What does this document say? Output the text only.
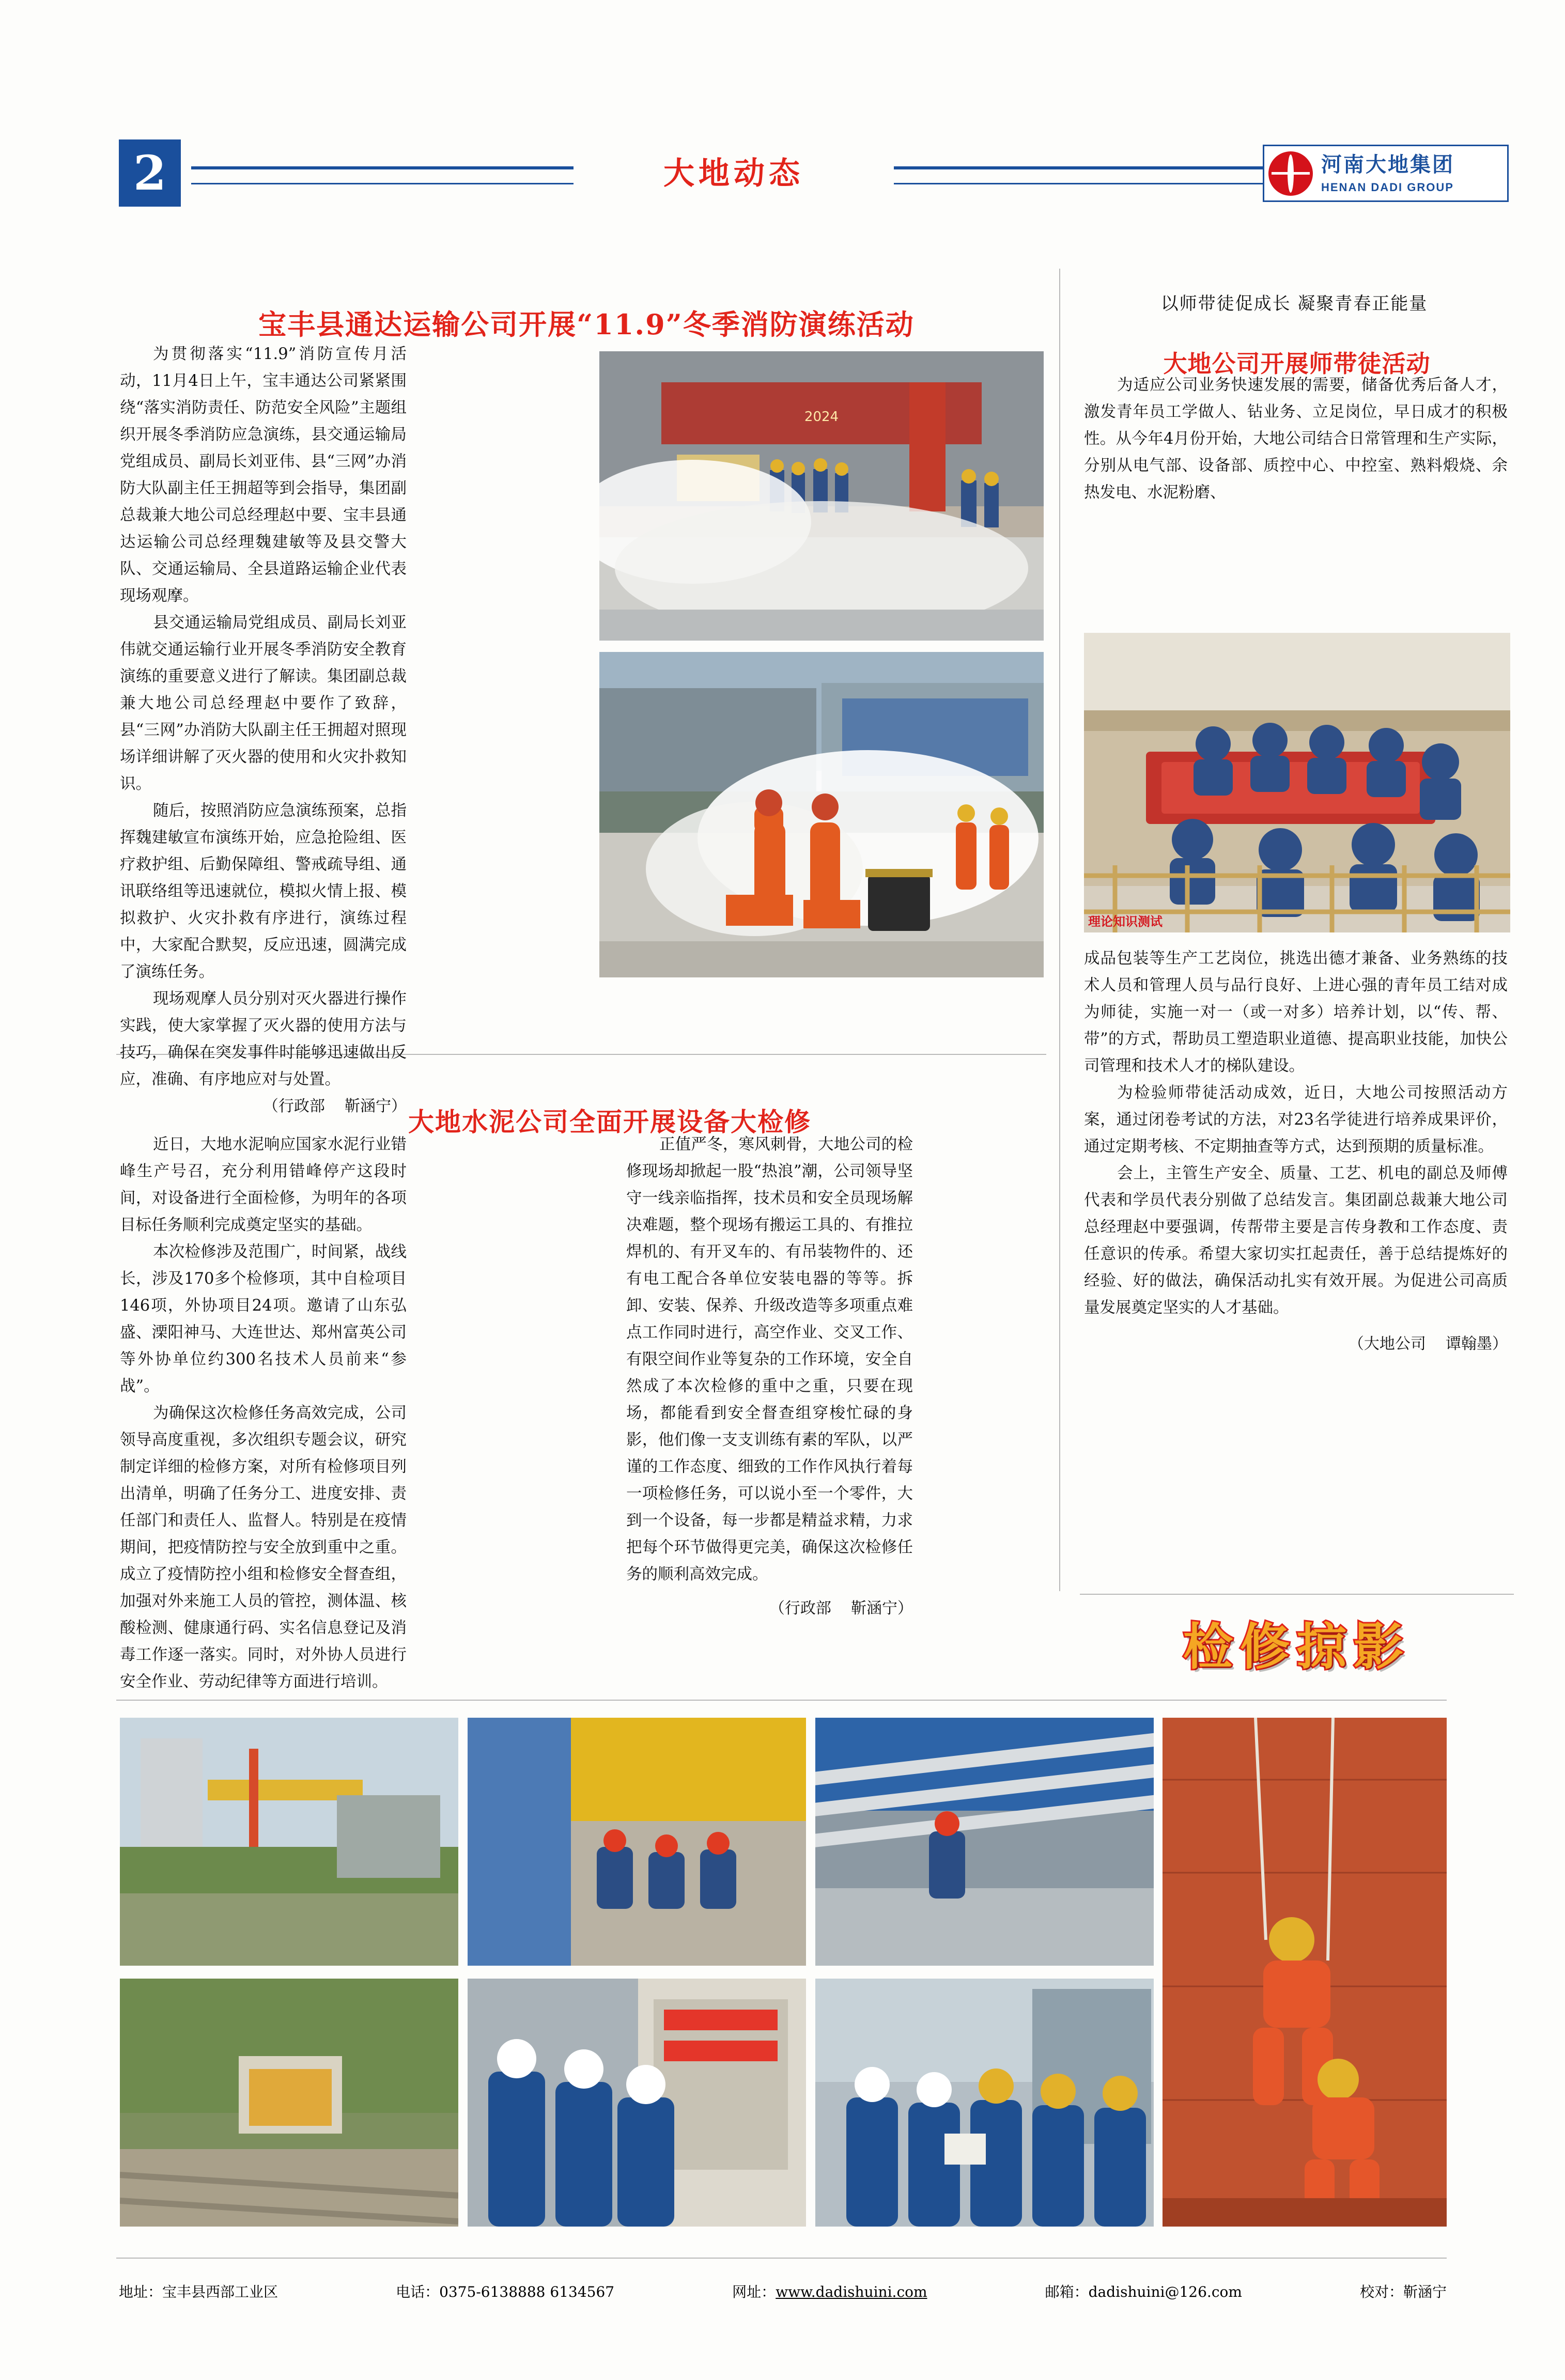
2	大地动态	河南大地集团
HENAN DADI GROUP
宝丰县通达运输公司开展“11.9”冬季消防演练活动

为贯彻落实“11.9”消防宣传月活动，11月4日上午，宝丰通达公司紧紧围绕“落实消防责任、防范安全风险”主题组织开展冬季消防应急演练，县交通运输局党组成员、副局长刘亚伟、县“三网”办消防大队副主任王拥超等到会指导，集团副总裁兼大地公司总经理赵中要、宝丰县通达运输公司总经理魏建敏等及县交警大队、交通运输局、全县道路运输企业代表现场观摩。

县交通运输局党组成员、副局长刘亚伟就交通运输行业开展冬季消防安全教育演练的重要意义进行了解读。集团副总裁兼大地公司总经理赵中要作了致辞，县“三网”办消防大队副主任王拥超对照现场详细讲解了灭火器的使用和火灾扑救知识。

随后，按照消防应急演练预案，总指挥魏建敏宣布演练开始，应急抢险组、医疗救护组、后勤保障组、警戒疏导组、通讯联络组等迅速就位，模拟火情上报、模拟救护、火灾扑救有序进行，演练过程中，大家配合默契，反应迅速，圆满完成了演练任务。

现场观摩人员分别对灭火器进行操作实践，使大家掌握了灭火器的使用方法与技巧，确保在突发事件时能够迅速做出反应，准确、有序地应对与处置。

（行政部 靳涵宁）
2024
大地水泥公司全面开展设备大检修

近日，大地水泥响应国家水泥行业错峰生产号召，充分利用错峰停产这段时间，对设备进行全面检修，为明年的各项目标任务顺利完成奠定坚实的基础。

本次检修涉及范围广，时间紧，战线长，涉及170多个检修项，其中自检项目146项，外协项目24项。邀请了山东弘盛、溧阳神马、大连世达、郑州富英公司等外协单位约300名技术人员前来“参战”。

为确保这次检修任务高效完成，公司领导高度重视，多次组织专题会议，研究制定详细的检修方案，对所有检修项目列出清单，明确了任务分工、进度安排、责任部门和责任人、监督人。特别是在疫情期间，把疫情防控与安全放到重中之重。成立了疫情防控小组和检修安全督查组，加强对外来施工人员的管控，测体温、核酸检测、健康通行码、实名信息登记及消毒工作逐一落实。同时，对外协人员进行安全作业、劳动纪律等方面进行培训。

正值严冬，寒风刺骨，大地公司的检修现场却掀起一股“热浪”潮，公司领导坚守一线亲临指挥，技术员和安全员现场解决难题，整个现场有搬运工具的、有推拉焊机的、有开叉车的、有吊装物件的、还有电工配合各单位安装电器的等等。拆卸、安装、保养、升级改造等多项重点难点工作同时进行，高空作业、交叉工作、有限空间作业等复杂的工作环境，安全自然成了本次检修的重中之重，只要在现场，都能看到安全督查组穿梭忙碌的身影，他们像一支支训练有素的军队，以严谨的工作态度、细致的工作作风执行着每一项检修任务，可以说小至一个零件，大到一个设备，每一步都是精益求精，力求把每个环节做得更完美，确保这次检修任务的顺利高效完成。

（行政部 靳涵宁）
以师带徒促成长 凝聚青春正能量
大地公司开展师带徒活动

为适应公司业务快速发展的需要，储备优秀后备人才，激发青年员工学做人、钻业务、立足岗位，早日成才的积极性。从今年4月份开始，大地公司结合日常管理和生产实际，分别从电气部、设备部、质控中心、中控室、熟料煅烧、余热发电、水泥粉磨、

理论知识测试

成品包装等生产工艺岗位，挑选出德才兼备、业务熟练的技术人员和管理人员与品行良好、上进心强的青年员工结对成为师徒，实施一对一（或一对多）培养计划，以“传、帮、带”的方式，帮助员工塑造职业道德、提高职业技能，加快公司管理和技术人才的梯队建设。

为检验师带徒活动成效，近日，大地公司按照活动方案，通过闭卷考试的方法，对23名学徒进行培养成果评价，通过定期考核、不定期抽查等方式，达到预期的质量标准。

会上，主管生产安全、质量、工艺、机电的副总及师傅代表和学员代表分别做了总结发言。集团副总裁兼大地公司总经理赵中要强调，传帮带主要是言传身教和工作态度、责任意识的传承。希望大家切实扛起责任，善于总结提炼好的经验、好的做法，确保活动扎实有效开展。为促进公司高质量发展奠定坚实的人才基础。

（大地公司 谭翰墨）
检修掠影
地址：宝丰县西部工业区	电话：0375-6138888 6134567	网址：www.dadishuini.com	邮箱：dadishuini@126.com	校对：靳涵宁
